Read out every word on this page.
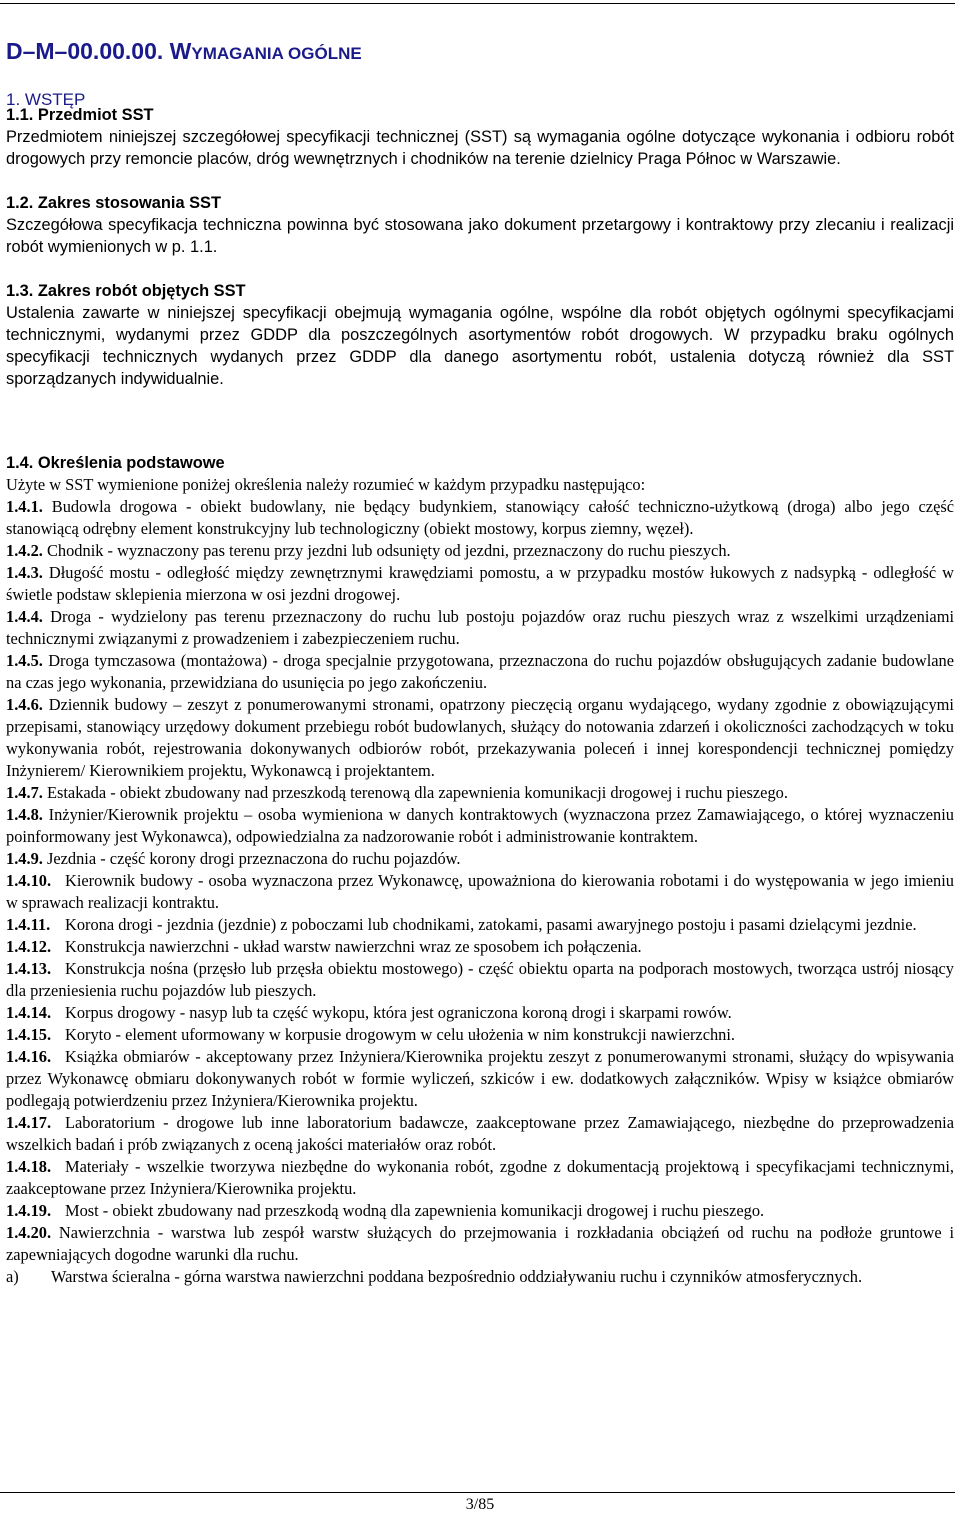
D–M–00.00.00. WYMAGANIA OGÓLNE
1. WSTĘP
1.1. Przedmiot SST
Przedmiotem niniejszej szczegółowej specyfikacji technicznej (SST) są wymagania ogólne dotyczące wykonania i odbioru robót drogowych przy remoncie placów, dróg wewnętrznych i chodników na terenie dzielnicy Praga Północ w Warszawie.
1.2. Zakres stosowania SST
Szczegółowa specyfikacja techniczna powinna być stosowana jako dokument przetargowy i kontraktowy przy zlecaniu i realizacji robót wymienionych w p. 1.1.
1.3. Zakres robót objętych SST
Ustalenia zawarte w niniejszej specyfikacji obejmują wymagania ogólne, wspólne dla robót objętych ogólnymi specyfikacjami technicznymi, wydanymi przez GDDP dla poszczególnych asortymentów robót drogowych. W przypadku braku ogólnych specyfikacji technicznych wydanych przez GDDP dla danego asortymentu robót, ustalenia dotyczą również dla SST sporządzanych indywidualnie.
1.4. Określenia podstawowe
Użyte w SST wymienione poniżej określenia należy rozumieć w każdym przypadku następująco:

1.4.1. Budowla drogowa - obiekt budowlany, nie będący budynkiem, stanowiący całość techniczno-użytkową (droga) albo jego część stanowiącą odrębny element konstrukcyjny lub technologiczny (obiekt mostowy, korpus ziemny, węzeł).

1.4.2. Chodnik - wyznaczony pas terenu przy jezdni lub odsunięty od jezdni, przeznaczony do ruchu pieszych.

1.4.3. Długość mostu - odległość między zewnętrznymi krawędziami pomostu, a w przypadku mostów łukowych z nadsypką - odległość w świetle podstaw sklepienia mierzona w osi jezdni drogowej.

1.4.4. Droga - wydzielony pas terenu przeznaczony do ruchu lub postoju pojazdów oraz ruchu pieszych wraz z wszelkimi urządzeniami technicznymi związanymi z prowadzeniem i zabezpieczeniem ruchu.

1.4.5. Droga tymczasowa (montażowa) - droga specjalnie przygotowana, przeznaczona do ruchu pojazdów obsługujących zadanie budowlane na czas jego wykonania, przewidziana do usunięcia po jego zakończeniu.

1.4.6. Dziennik budowy – zeszyt z ponumerowanymi stronami, opatrzony pieczęcią organu wydającego, wydany zgodnie z obowiązującymi przepisami, stanowiący urzędowy dokument przebiegu robót budowlanych, służący do notowania zdarzeń i okoliczności zachodzących w toku wykonywania robót, rejestrowania dokonywanych odbiorów robót, przekazywania poleceń i innej korespondencji technicznej pomiędzy Inżynierem/ Kierownikiem projektu, Wykonawcą i projektantem.

1.4.7. Estakada - obiekt zbudowany nad przeszkodą terenową dla zapewnienia komunikacji drogowej i ruchu pieszego.

1.4.8. Inżynier/Kierownik projektu – osoba wymieniona w danych kontraktowych (wyznaczona przez Zamawiającego, o której wyznaczeniu poinformowany jest Wykonawca), odpowiedzialna za nadzorowanie robót i administrowanie kontraktem.

1.4.9. Jezdnia - część korony drogi przeznaczona do ruchu pojazdów.

1.4.10. Kierownik budowy - osoba wyznaczona przez Wykonawcę, upoważniona do kierowania robotami i do występowania w jego imieniu w sprawach realizacji kontraktu.

1.4.11. Korona drogi - jezdnia (jezdnie) z poboczami lub chodnikami, zatokami, pasami awaryjnego postoju i pasami dzielącymi jezdnie.

1.4.12. Konstrukcja nawierzchni - układ warstw nawierzchni wraz ze sposobem ich połączenia.

1.4.13. Konstrukcja nośna (przęsło lub przęsła obiektu mostowego) - część obiektu oparta na podporach mostowych, tworząca ustrój niosący dla przeniesienia ruchu pojazdów lub pieszych.

1.4.14. Korpus drogowy - nasyp lub ta część wykopu, która jest ograniczona koroną drogi i skarpami rowów.

1.4.15. Koryto - element uformowany w korpusie drogowym w celu ułożenia w nim konstrukcji nawierzchni.

1.4.16. Książka obmiarów - akceptowany przez Inżyniera/Kierownika projektu zeszyt z ponumerowanymi stronami, służący do wpisywania przez Wykonawcę obmiaru dokonywanych robót w formie wyliczeń, szkiców i ew. dodatkowych załączników. Wpisy w książce obmiarów podlegają potwierdzeniu przez Inżyniera/Kierownika projektu.

1.4.17. Laboratorium - drogowe lub inne laboratorium badawcze, zaakceptowane przez Zamawiającego, niezbędne do przeprowadzenia wszelkich badań i prób związanych z oceną jakości materiałów oraz robót.

1.4.18. Materiały - wszelkie tworzywa niezbędne do wykonania robót, zgodne z dokumentacją projektową i specyfikacjami technicznymi, zaakceptowane przez Inżyniera/Kierownika projektu.

1.4.19. Most - obiekt zbudowany nad przeszkodą wodną dla zapewnienia komunikacji drogowej i ruchu pieszego.

1.4.20. Nawierzchnia - warstwa lub zespół warstw służących do przejmowania i rozkładania obciążeń od ruchu na podłoże gruntowe i zapewniających dogodne warunki dla ruchu.

a) Warstwa ścieralna - górna warstwa nawierzchni poddana bezpośrednio oddziaływaniu ruchu i czynników atmosferycznych.

3/85
